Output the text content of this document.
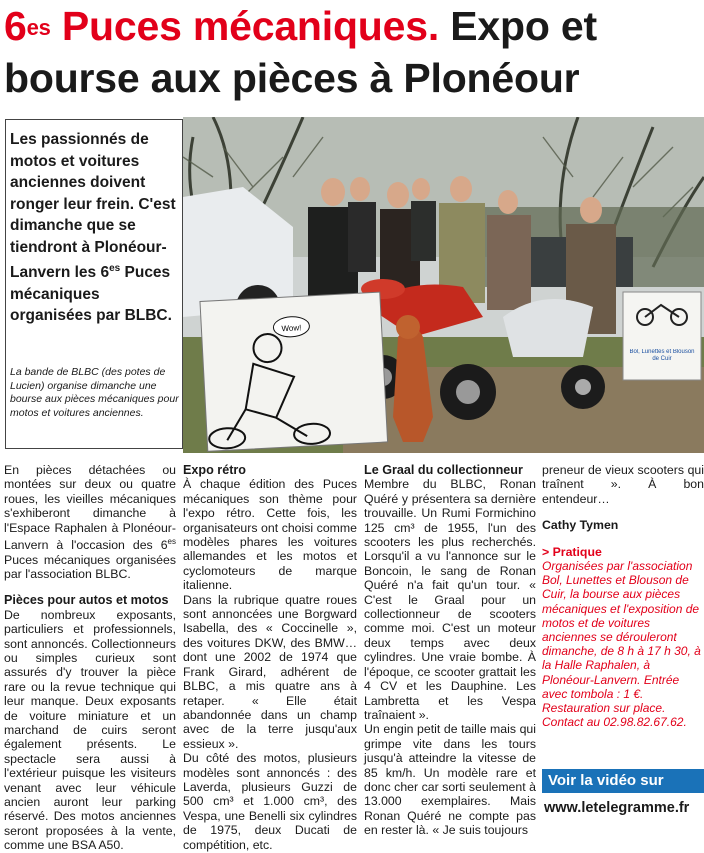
$6^{es}$ Puces mécaniques. Expo et
bourse aux pièces à Plonéour
Les passionnés de motos et voitures anciennes doivent ronger leur frein. C'est dimanche que se tiendront à Plonéour-Lanvern les $6^{es}$ Puces mécaniques organisées par BLBC.
La bande de BLBC (des potes de Lucien) organise dimanche une bourse aux pièces mécaniques pour motos et voitures anciennes.
Wow!
Bol, Lunettes et Blouson de Cuir

En pièces détachées ou montées sur deux ou quatre roues, les vieilles mécaniques s'exhiberont dimanche à l'Espace Raphalen à Plonéour-Lanvern à l'occasion des $6^{es}$ Puces mécaniques organisées par l'association BLBC.

Pièces pour autos et motos

De nombreux exposants, particuliers et professionnels, sont annoncés. Collectionneurs ou simples curieux sont assurés d'y trouver la pièce rare ou la revue technique qui leur manque. Deux exposants de voiture miniature et un marchand de cuirs seront également présents. Le spectacle sera aussi à l'extérieur puisque les visiteurs venant avec leur véhicule ancien auront leur parking réservé. Des motos anciennes seront proposées à la vente, comme une BSA A50.

Expo rétro

À chaque édition des Puces mécaniques son thème pour l'expo rétro. Cette fois, les organisateurs ont choisi comme modèles phares les voitures allemandes et les motos et cyclomoteurs de marque italienne.

Dans la rubrique quatre roues sont annoncées une Borgward Isabella, des « Coccinelle », des voitures DKW, des BMW… dont une 2002 de 1974 que Frank Girard, adhérent de BLBC, a mis quatre ans à retaper. « Elle était abandonnée dans un champ avec de la terre jusqu'aux essieux ».

Du côté des motos, plusieurs modèles sont annoncés : des Laverda, plusieurs Guzzi de 500 cm³ et 1.000 cm³, des Vespa, une Benelli six cylindres de 1975, deux Ducati de compétition, etc.

Le Graal du collectionneur

Membre du BLBC, Ronan Quéré y présentera sa dernière trouvaille. Un Rumi Formichino 125 cm³ de 1955, l'un des scooters les plus recherchés. Lorsqu'il a vu l'annonce sur le Boncoin, le sang de Ronan Quéré n'a fait qu'un tour. « C'est le Graal pour un collectionneur de scooters comme moi. C'est un moteur deux temps avec deux cylindres. Une vraie bombe. À l'époque, ce scooter grattait les 4 CV et les Dauphine. Les Lambretta et les Vespa traînaient ».

Un engin petit de taille mais qui grimpe vite dans les tours jusqu'à atteindre la vitesse de 85 km/h. Un modèle rare et donc cher car sorti seulement à 13.000 exemplaires. Mais Ronan Quéré ne compte pas en rester là. « Je suis toujours

preneur de vieux scooters qui traînent ». À bon entendeur…

Cathy Tymen

> Pratique

Organisées par l'association Bol, Lunettes et Blouson de Cuir, la bourse aux pièces mécaniques et l'exposition de motos et de voitures anciennes se dérouleront dimanche, de 8 h à 17 h 30, à la Halle Raphalen, à Plonéour-Lanvern. Entrée avec tombola : 1 €. Restauration sur place. Contact au 02.98.82.67.62.

Voir la vidéo sur
www.letelegramme.fr
